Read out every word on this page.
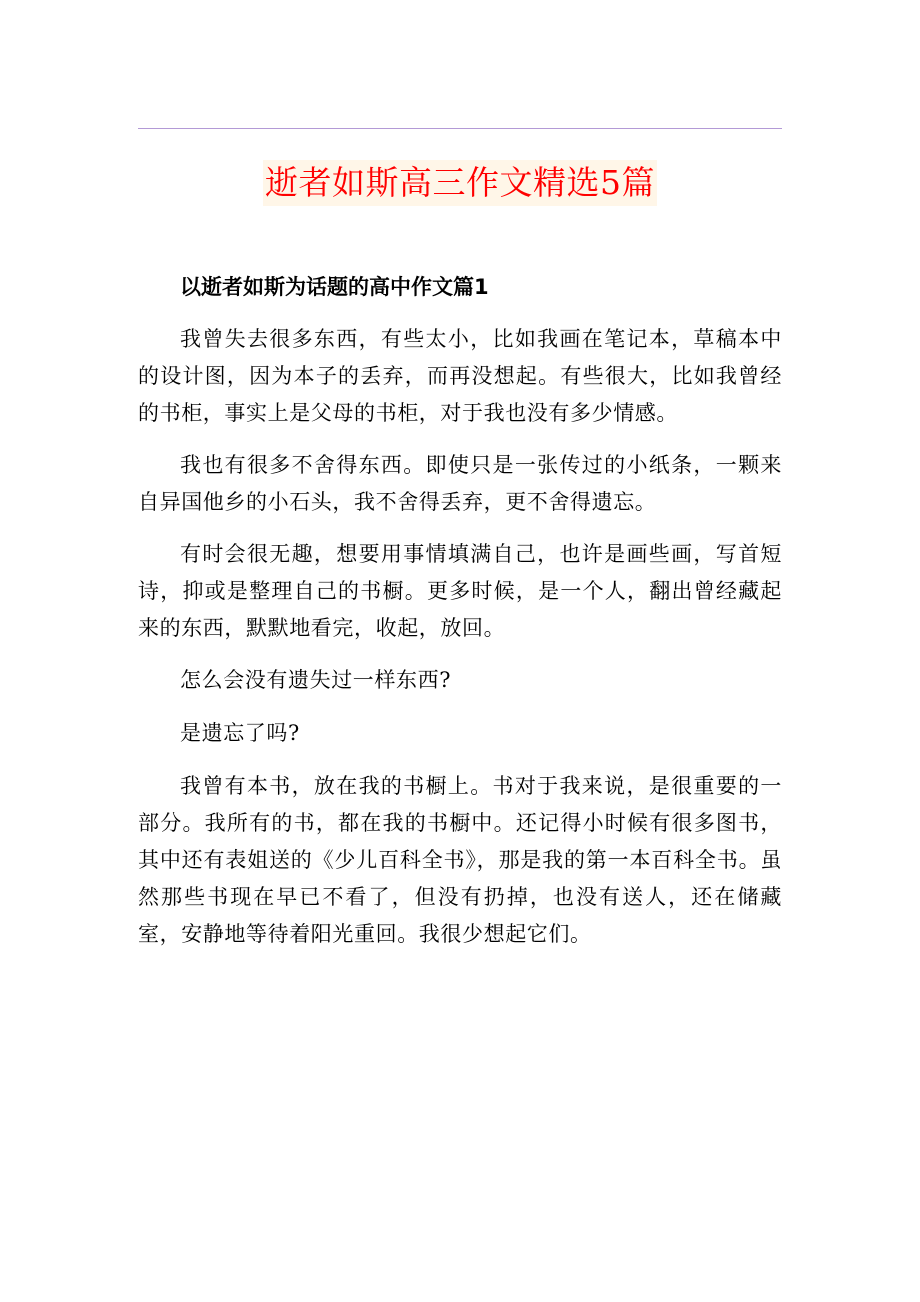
逝者如斯高三作文精选5篇

以逝者如斯为话题的高中作文篇1

我曾失去很多东西，有些太小，比如我画在笔记本，草稿本中的设计图，因为本子的丢弃，而再没想起。有些很大，比如我曾经的书柜，事实上是父母的书柜，对于我也没有多少情感。

我也有很多不舍得东西。即使只是一张传过的小纸条，一颗来自异国他乡的小石头，我不舍得丢弃，更不舍得遗忘。

有时会很无趣，想要用事情填满自己，也许是画些画，写首短诗，抑或是整理自己的书橱。更多时候，是一个人，翻出曾经藏起来的东西，默默地看完，收起，放回。

怎么会没有遗失过一样东西?

是遗忘了吗?

我曾有本书，放在我的书橱上。书对于我来说，是很重要的一部分。我所有的书，都在我的书橱中。还记得小时候有很多图书，其中还有表姐送的《少儿百科全书》，那是我的第一本百科全书。虽然那些书现在早已不看了，但没有扔掉，也没有送人，还在储藏室，安静地等待着阳光重回。我很少想起它们。
